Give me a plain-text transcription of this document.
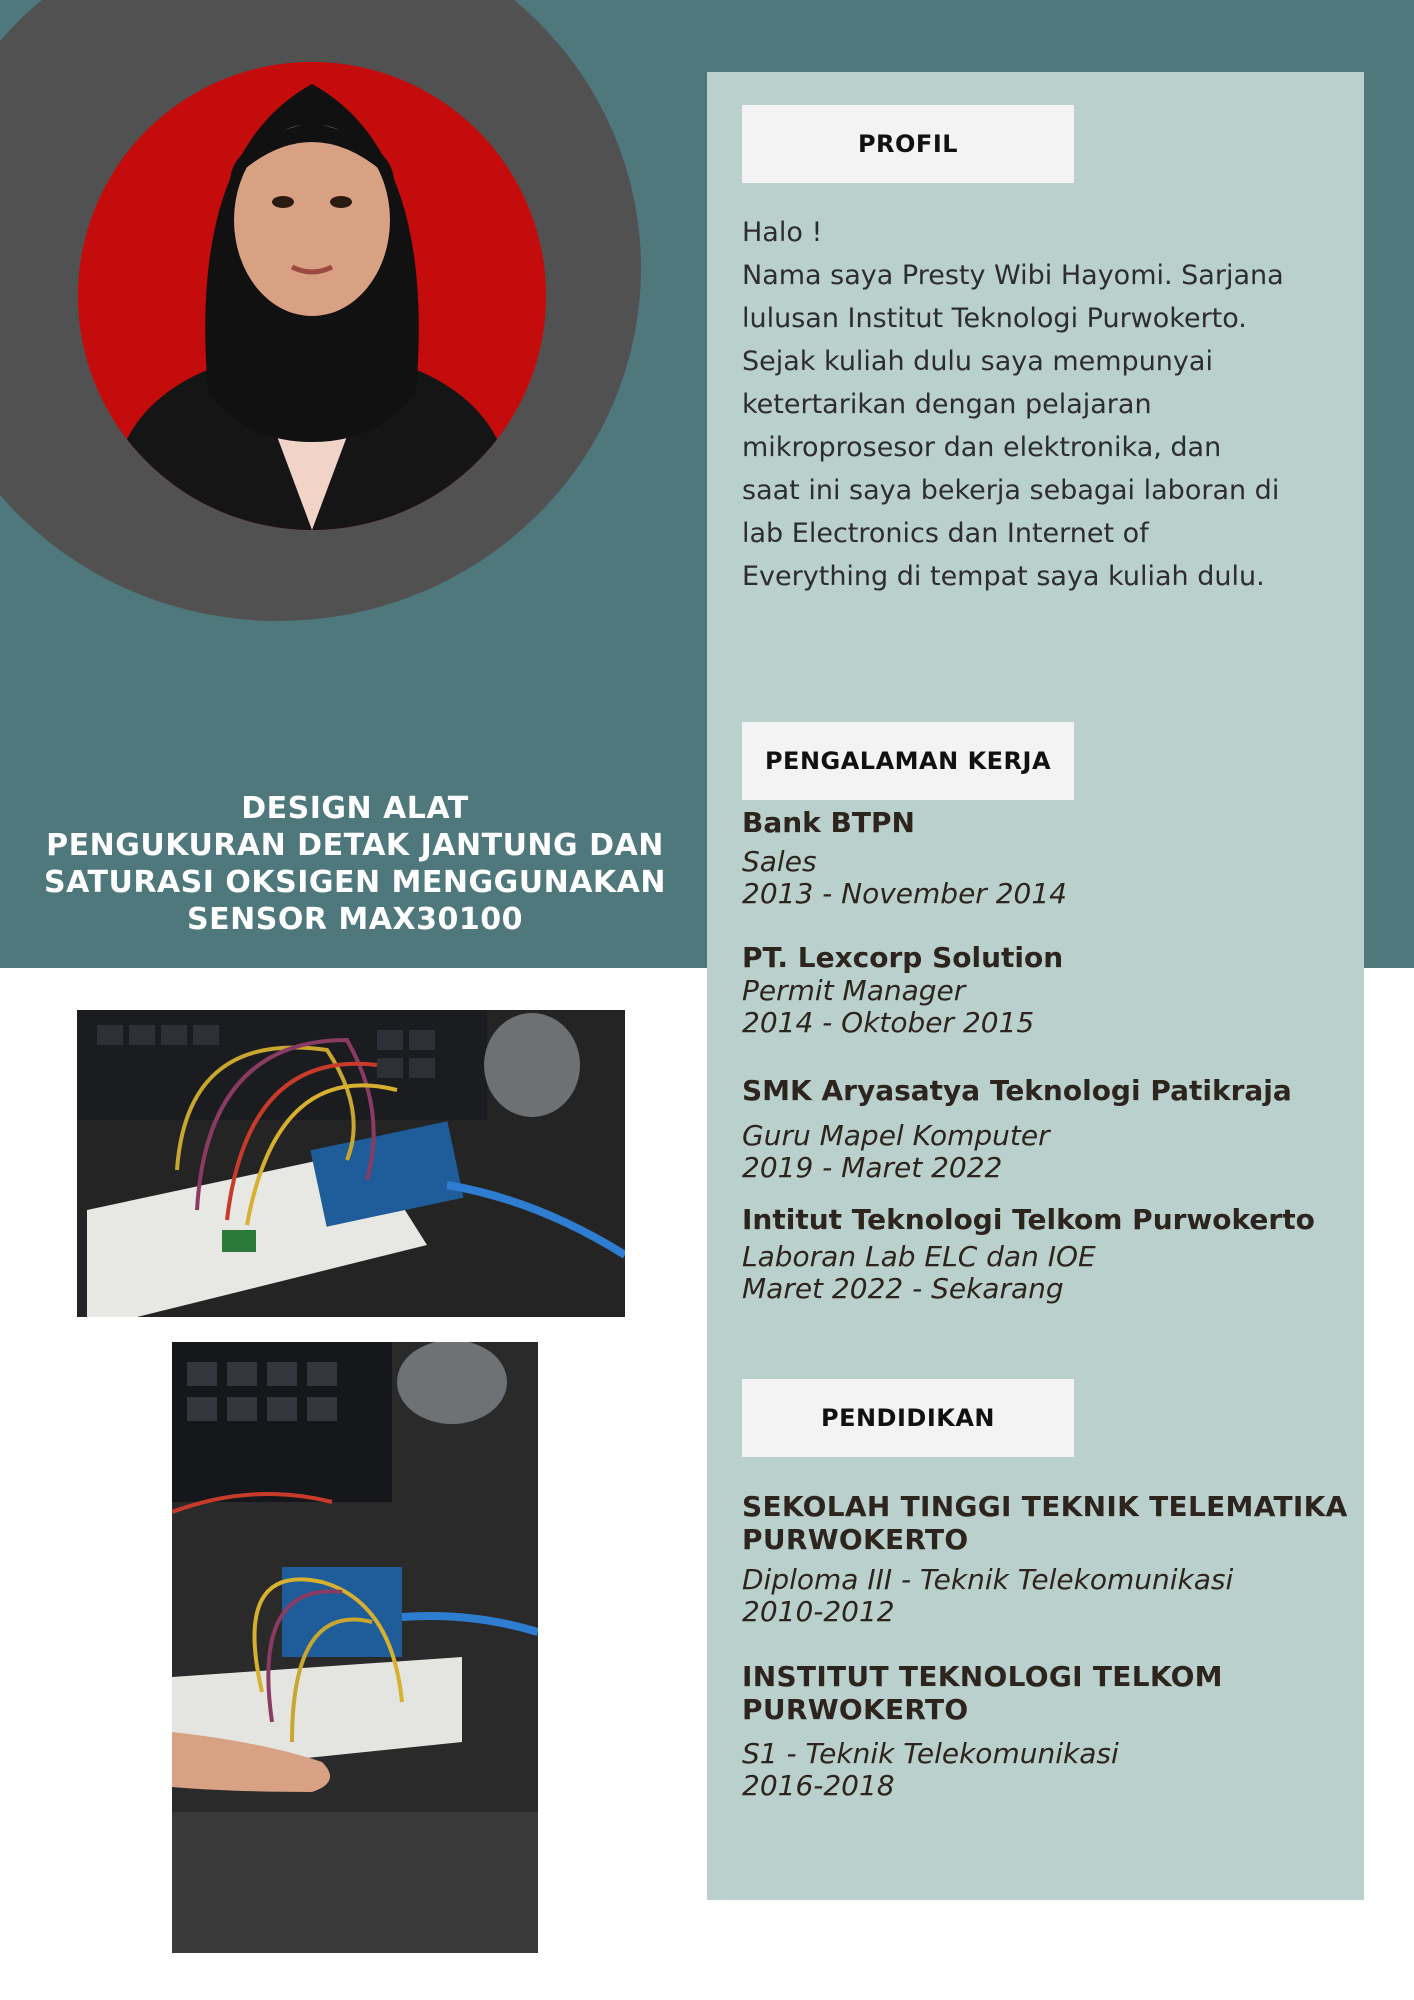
DESIGN ALAT
PENGUKURAN DETAK JANTUNG DAN
SATURASI OKSIGEN MENGGUNAKAN
SENSOR MAX30100
PROFIL
Halo !
Nama saya Presty Wibi Hayomi. Sarjana
lulusan Institut Teknologi Purwokerto.
Sejak kuliah dulu saya mempunyai
ketertarikan dengan pelajaran
mikroprosesor dan elektronika, dan
saat ini saya bekerja sebagai laboran di
lab Electronics dan Internet of
Everything di tempat saya kuliah dulu.
PENGALAMAN KERJA
Bank BTPN
Sales
2013 - November 2014
PT. Lexcorp Solution
Permit Manager
2014 - Oktober 2015
SMK Aryasatya Teknologi Patikraja
Guru Mapel Komputer
2019 - Maret 2022
Intitut Teknologi Telkom Purwokerto
Laboran Lab ELC dan IOE
Maret 2022 - Sekarang
PENDIDIKAN
SEKOLAH TINGGI TEKNIK TELEMATIKA PURWOKERTO
Diploma III - Teknik Telekomunikasi
2010-2012
INSTITUT TEKNOLOGI TELKOM PURWOKERTO
S1 - Teknik Telekomunikasi
2016-2018
